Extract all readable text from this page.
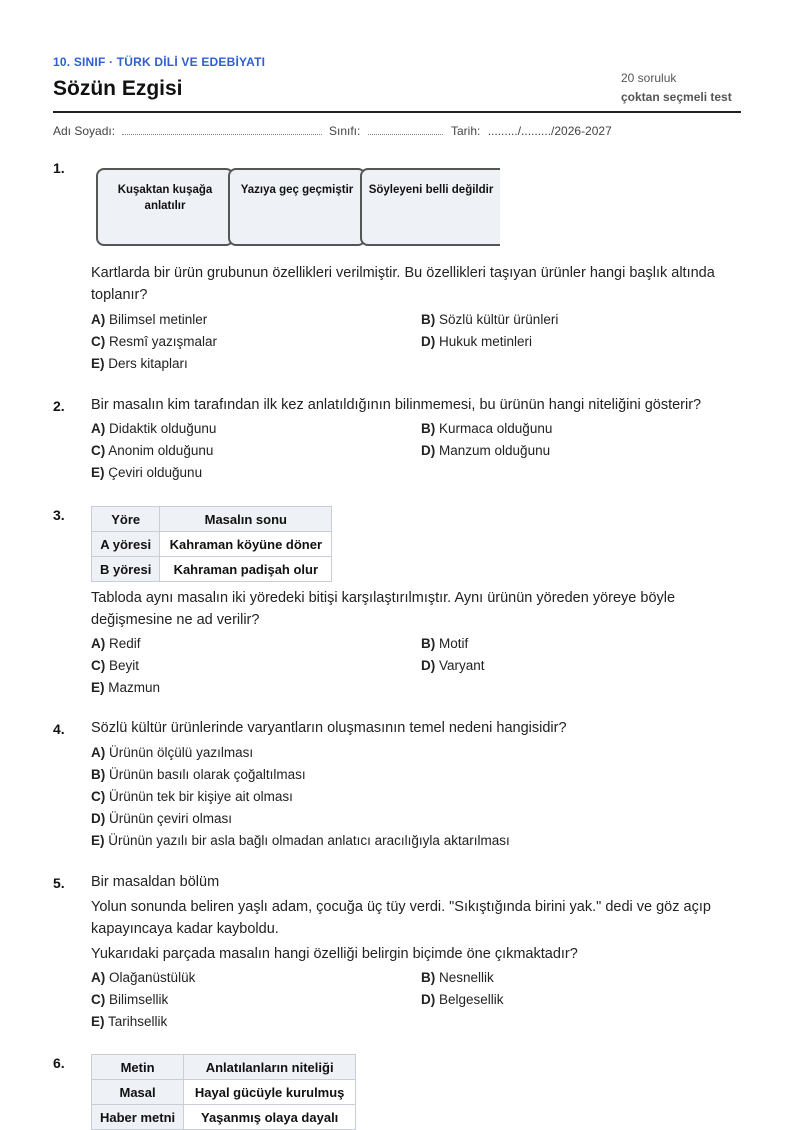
10. SINIF · TÜRK DİLİ VE EDEBİYATI
Sözün Ezgisi	20 soruluk
çoktan seçmeli test
Adı Soyadı:	Sınıfı:	Tarih: ........./........./2026-2027
1.
Kuşaktan kuşağa anlatılır
Yazıya geç geçmiştir	Söyleyeni belli değildir
Kartlarda bir ürün grubunun özellikleri verilmiştir. Bu özellikleri taşıyan ürünler hangi başlık altında toplanır?
A) Bilimsel metinler	B) Sözlü kültür ürünleri
C) Resmî yazışmalar	D) Hukuk metinleri
E) Ders kitapları
2. Bir masalın kim tarafından ilk kez anlatıldığının bilinmemesi, bu ürünün hangi niteliğini gösterir?
A) Didaktik olduğunu	B) Kurmaca olduğunu
C) Anonim olduğunu	D) Manzum olduğunu
E) Çeviri olduğunu
3.	Yöre	Masalın sonu
A yöresi	Kahraman köyüne döner
B yöresi	Kahraman padişah olur
Tabloda aynı masalın iki yöredeki bitişi karşılaştırılmıştır. Aynı ürünün yöreden yöreye böyle değişmesine ne ad verilir?
A) Redif	B) Motif
C) Beyit	D) Varyant
E) Mazmun
4. Sözlü kültür ürünlerinde varyantların oluşmasının temel nedeni hangisidir?
A) Ürünün ölçülü yazılması
B) Ürünün basılı olarak çoğaltılması
C) Ürünün tek bir kişiye ait olması
D) Ürünün çeviri olması
E) Ürünün yazılı bir asla bağlı olmadan anlatıcı aracılığıyla aktarılması
5. Bir masaldan bölüm
Yolun sonunda beliren yaşlı adam, çocuğa üç tüy verdi. "Sıkıştığında birini yak." dedi ve göz açıp kapayıncaya kadar kayboldu.
Yukarıdaki parçada masalın hangi özelliği belirgin biçimde öne çıkmaktadır?
A) Olağanüstülük	B) Nesnellik
C) Bilimsellik	D) Belgesellik
E) Tarihsellik
6.	Metin	Anlatılanların niteliği
Masal	Hayal gücüyle kurulmuş
Haber metni	Yaşanmış olaya dayalı
